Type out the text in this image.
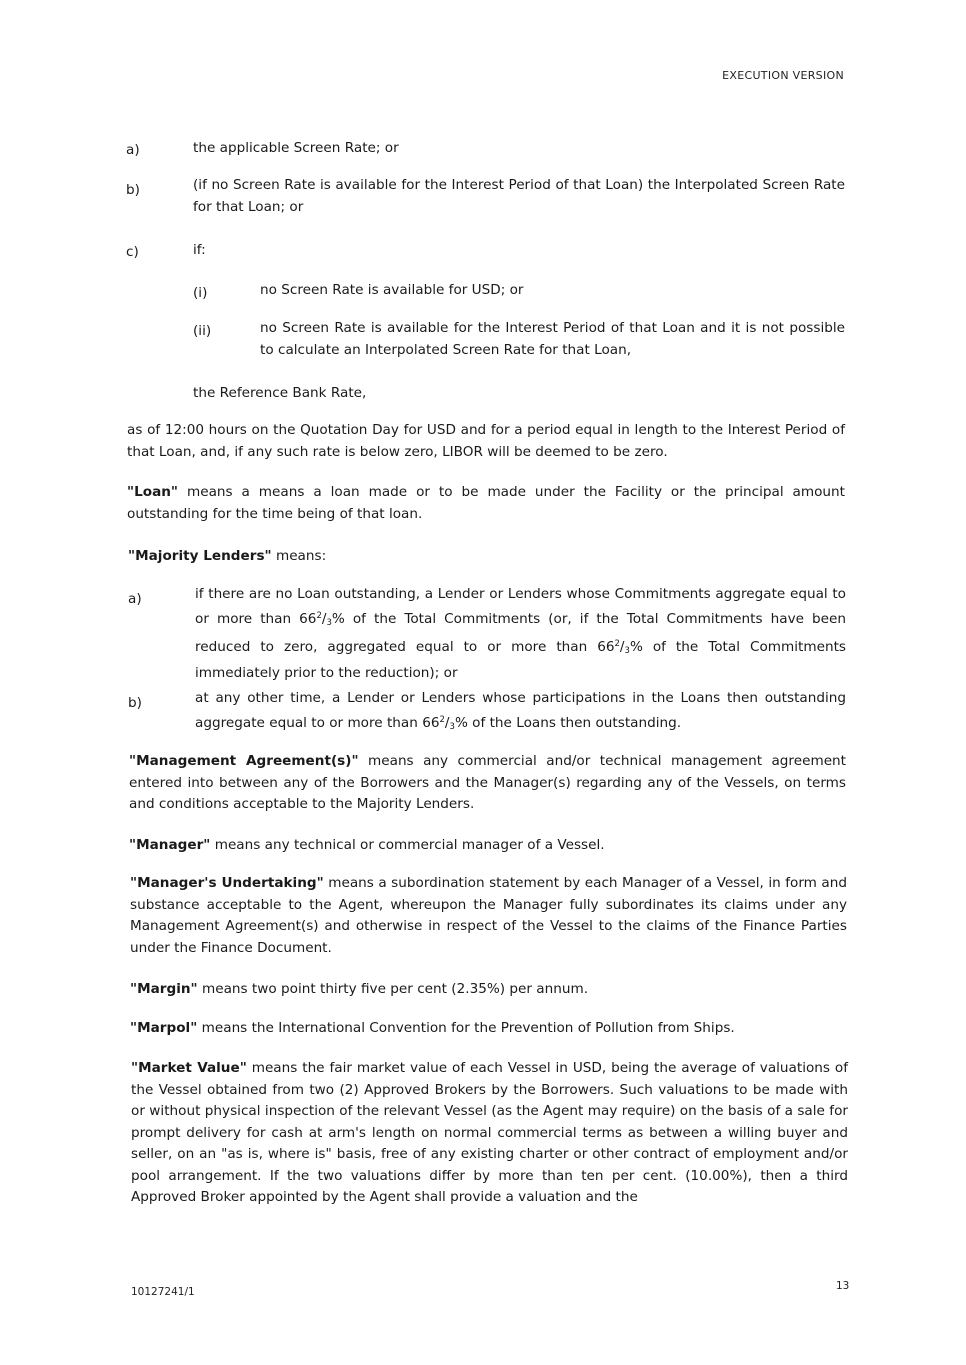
EXECUTION VERSION
a)	the applicable Screen Rate; or
b)	(if no Screen Rate is available for the Interest Period of that Loan) the Interpolated Screen Rate for that Loan; or
c)	if:
(i)	no Screen Rate is available for USD; or
(ii)	no Screen Rate is available for the Interest Period of that Loan and it is not possible to calculate an Interpolated Screen Rate for that Loan,
the Reference Bank Rate,
as of 12:00 hours on the Quotation Day for USD and for a period equal in length to the Interest Period of that Loan, and, if any such rate is below zero, LIBOR will be deemed to be zero.
"Loan" means a means a loan made or to be made under the Facility or the principal amount outstanding for the time being of that loan.
"Majority Lenders" means:
a)	if there are no Loan outstanding, a Lender or Lenders whose Commitments aggregate equal to or more than $66^2/_3\%$ of the Total Commitments (or, if the Total Commitments have been reduced to zero, aggregated equal to or more than $66^2/_3\%$ of the Total Commitments immediately prior to the reduction); or
b)	at any other time, a Lender or Lenders whose participations in the Loans then outstanding aggregate equal to or more than $66^2/_3\%$ of the Loans then outstanding.
"Management Agreement(s)" means any commercial and/or technical management agreement entered into between any of the Borrowers and the Manager(s) regarding any of the Vessels, on terms and conditions acceptable to the Majority Lenders.
"Manager" means any technical or commercial manager of a Vessel.
"Manager's Undertaking" means a subordination statement by each Manager of a Vessel, in form and substance acceptable to the Agent, whereupon the Manager fully subordinates its claims under any Management Agreement(s) and otherwise in respect of the Vessel to the claims of the Finance Parties under the Finance Document.
"Margin" means two point thirty five per cent (2.35%) per annum.
"Marpol" means the International Convention for the Prevention of Pollution from Ships.
"Market Value" means the fair market value of each Vessel in USD, being the average of valuations of the Vessel obtained from two (2) Approved Brokers by the Borrowers. Such valuations to be made with or without physical inspection of the relevant Vessel (as the Agent may require) on the basis of a sale for prompt delivery for cash at arm's length on normal commercial terms as between a willing buyer and seller, on an "as is, where is" basis, free of any existing charter or other contract of employment and/or pool arrangement. If the two valuations differ by more than ten per cent. (10.00%), then a third Approved Broker appointed by the Agent shall provide a valuation and the
10127241/1	13
